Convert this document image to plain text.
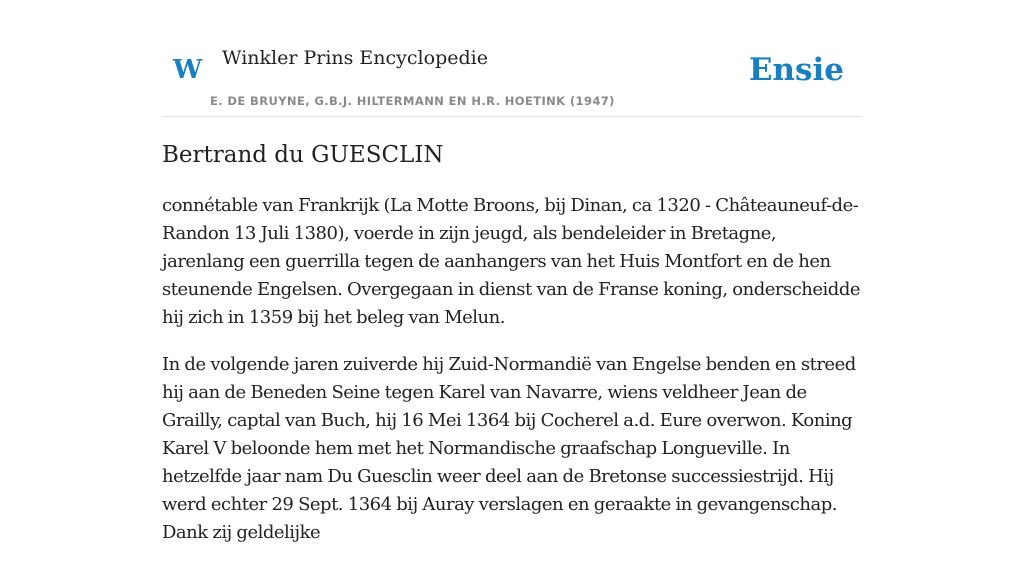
W Winkler Prins Encyclopedie
E. DE BRUYNE, G.B.J. HILTERMANN EN H.R. HOETINK (1947)
Ensie
Bertrand du GUESCLIN

connétable van Frankrijk (La Motte Broons, bij Dinan, ca 1320 - Châteauneuf-de-Randon 13 Juli 1380), voerde in zijn jeugd, als bendeleider in Bretagne, jarenlang een guerrilla tegen de aanhangers van het Huis Montfort en de hen steunende Engelsen. Overgegaan in dienst van de Franse koning, onderscheidde hij zich in 1359 bij het beleg van Melun.

In de volgende jaren zuiverde hij Zuid-Normandië van Engelse benden en streed hij aan de Beneden Seine tegen Karel van Navarre, wiens veldheer Jean de Grailly, captal van Buch, hij 16 Mei 1364 bij Cocherel a.d. Eure overwon. Koning Karel V beloonde hem met het Normandische graafschap Longueville. In hetzelfde jaar nam Du Guesclin weer deel aan de Bretonse successiestrijd. Hij werd echter 29 Sept. 1364 bij Auray verslagen en geraakte in gevangenschap. Dank zij geldelijke
